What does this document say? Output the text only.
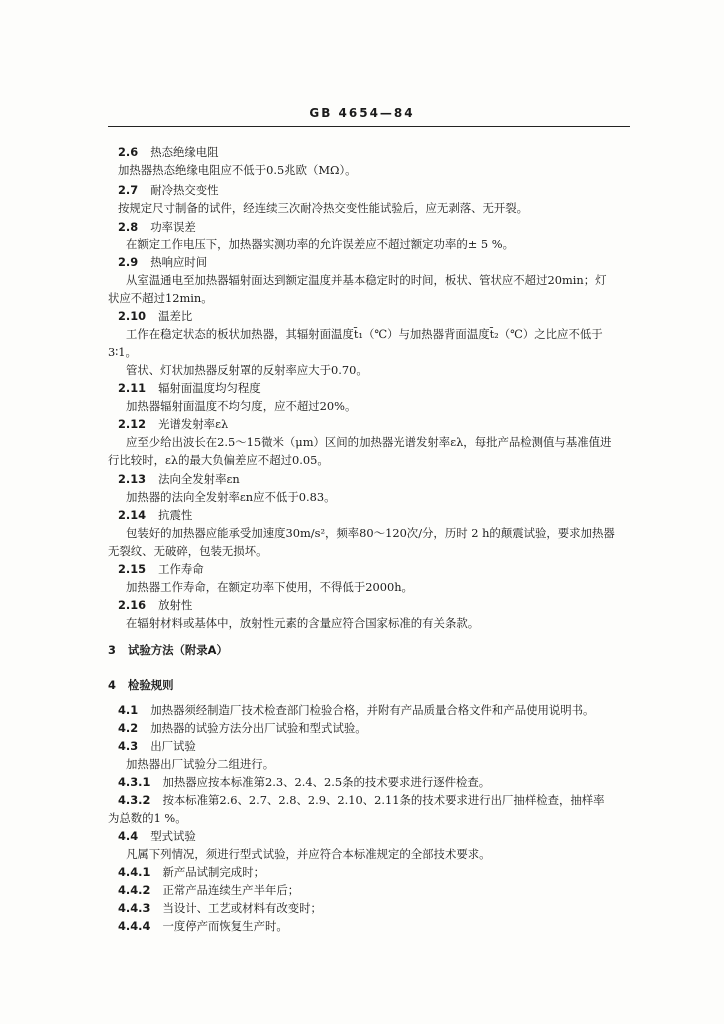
GB 4654—84
2.6 热态绝缘电阻
加热器热态绝缘电阻应不低于0.5兆欧（MΩ）。
2.7 耐冷热交变性
按规定尺寸制备的试件，经连续三次耐冷热交变性能试验后，应无剥落、无开裂。
2.8 功率误差
在额定工作电压下，加热器实测功率的允许误差应不超过额定功率的± 5 %。
2.9 热响应时间
从室温通电至加热器辐射面达到额定温度并基本稳定时的时间，板状、管状应不超过20min；灯
状应不超过12min。
2.10 温差比
工作在稳定状态的板状加热器，其辐射面温度t̄₁（℃）与加热器背面温度t̄₂（℃）之比应不低于
3∶1。
管状、灯状加热器反射罩的反射率应大于0.70。
2.11 辐射面温度均匀程度
加热器辐射面温度不均匀度，应不超过20%。
2.12 光谱发射率ελ
应至少给出波长在2.5～15微米（μm）区间的加热器光谱发射率ελ，每批产品检测值与基准值进
行比较时，ελ的最大负偏差应不超过0.05。
2.13 法向全发射率εn
加热器的法向全发射率εn应不低于0.83。
2.14 抗震性
包装好的加热器应能承受加速度30m/s²，频率80～120次/分，历时 2 h的颠震试验，要求加热器
无裂纹、无破碎，包装无损坏。
2.15 工作寿命
加热器工作寿命，在额定功率下使用，不得低于2000h。
2.16 放射性
在辐射材料或基体中，放射性元素的含量应符合国家标准的有关条款。
3 试验方法（附录A）
4 检验规则
4.1 加热器须经制造厂技术检查部门检验合格，并附有产品质量合格文件和产品使用说明书。
4.2 加热器的试验方法分出厂试验和型式试验。
4.3 出厂试验
加热器出厂试验分二组进行。
4.3.1 加热器应按本标准第2.3、2.4、2.5条的技术要求进行逐件检查。
4.3.2 按本标准第2.6、2.7、2.8、2.9、2.10、2.11条的技术要求进行出厂抽样检查，抽样率
为总数的1 %。
4.4 型式试验
凡属下列情况，须进行型式试验，并应符合本标准规定的全部技术要求。
4.4.1 新产品试制完成时；
4.4.2 正常产品连续生产半年后；
4.4.3 当设计、工艺或材料有改变时；
4.4.4 一度停产而恢复生产时。
